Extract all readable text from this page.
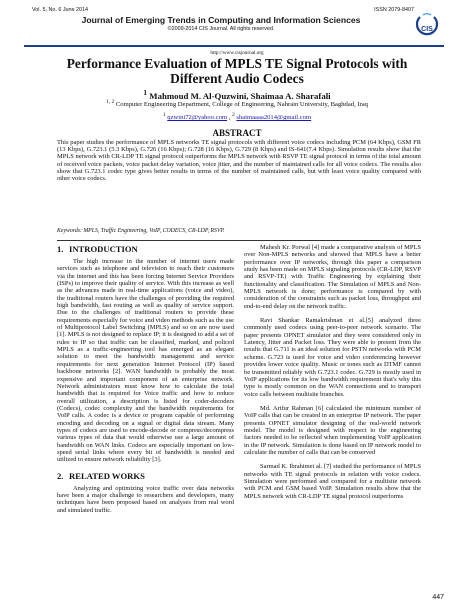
Vol. 5, No. 6 June 2014	ISSN 2079-8407
Journal of Emerging Trends in Computing and Information Sciences
©2009-2014 CIS Journal. All rights reserved.	CIS
http://www.cisjournal.org
Performance Evaluation of MPLS TE Signal Protocols with Different Audio Codecs
$^1$ Mahmoud M. Al-Quzwini, Shaimaa A. Sharafali
$^{1, 2}$ Computer Engineering Department, College of Engineering, Nahrain University, Baghdad, Iraq
$^1$ qzwini72@yahoo.com , $^2$ shaimaaaa2014@gmail.com
ABSTRACT

This paper studies the performance of MPLS networks TE signal protocols with different voice codecs including PCM (64 Kbps), GSM FR (13 Kbps), G.723.1 (5.3 Kbps), G.726 (16 Kbps); G.728 (16 Kbps), G.729 (8 Kbps) and IS-641(7.4 Kbps). Simulation results show that the MPLS network with CR-LDP TE signal protocol outperforms the MPLS network with RSVP TE signal protocol in terms of the total amount of received voice packets, voice packet delay variation, voice jitter, and the number of maintained calls for all voice codecs. The results also show that G.723.1 codec type gives better results in terms of the number of maintained calls, but with least voice quality compared with other voice codecs.

Keywords: MPLS, Traffic Engineering, VoIP, CODECS, CR-LDP, RSVP.

1. INTRODUCTION

The high increase in the number of internet users made services such as telephone and television to reach their customers via the internet and this has been forcing Internet Service Providers (ISPs) to improve their quality of service. With this increase as well as the advances made in real-time applications (voice and video), the traditional routers have the challenges of providing the required high bandwidth, fast routing as well as quality of service support. Due to the challenges of traditional routers to provide these requirements especially for voice and video methods such as the use of Multiprotocol Label Switching (MPLS) and so on are now used [1]. MPLS is not designed to replace IP; it is designed to add a set of rules to IP so that traffic can be classified, marked, and policed MPLS as a traffic-engineering tool has emerged as an elegant solution to meet the bandwidth management and service requirements for next generation Internet Protocol (IP) based backbone networks [2]. WAN bandwidth is probably the most expensive and important component of an enterprise network. Network administrators must know how to calculate the total bandwidth that is required for Voice traffic and how to reduce overall utilization, a description is listed for coder-decoders (Codecs), codec complexity and the bandwidth requirements for VoIP calls. A codec is a device or program capable of performing encoding and decoding on a signal or digital data stream. Many types of codecs are used to encode-decode or compress/decompress various types of data that would otherwise use a large amount of bandwidth on WAN links. Codecs are especially important on low-speed serial links where every bit of bandwidth is needed and utilized to ensure network reliability [3].

2. RELATED WORKS

Analyzing and optimizing voice traffic over data networks have been a major challenge to researchers and developers, many techniques have been proposed based on analyses from real word and simulated traffic.

Mahesh Kr. Porwal [4] made a comparative analysis of MPLS over Non-MPLS networks and showed that MPLS have a better performance over IP networks, through this paper a comparison study has been made on MPLS signaling protocols (CR-LDP, RSVP and RSVP-TE) with Traffic Engineering by explaining their functionality and classification. The Simulation of MPLS and Non-MPLS network is done; performance is compared by with consideration of the constraints such as packet loss, throughput and end-to-end delay on the network traffic.

Ravi Shankar Ramakrishnan et al.[5] analyzed three commonly used codecs using peer-to-peer network scenario. The paper presents OPNET simulator and they were considered only in Latency, Jitter and Packet loss. They were able to present from the results that G.711 is an ideal solution for PSTN networks with PCM scheme. G.723 is used for voice and video conferencing however provides lower voice quality. Music or tones such as DTMF cannot be transmitted reliably with G.723.1 codec. G.729 is mostly used in VoIP applications for its low bandwidth requirement that's why this type is mostly common on the WAN connections and to transport voice calls between multisite branches.

Md. Arifur Rahman [6] calculated the minimum number of VoIP calls that can be created in an enterprise IP network. The paper presents OPNET simulator designing of the real-world network model. The model is designed with respect to the engineering factors needed to be reflected when implementing VoIP application in the IP network. Simulation is done based on IP network model to calculate the number of calls that can be conserved

Sarmad K. Ibrahimet al. [7] studied the performance of MPLS networks with TE signal protocols in relation with voice codecs. Simulation were performed and compared for a multisite network with PCM and GSM based VoIP. Simulation results show that the MPLS network with CR-LDP TE signal protocol outperforms

447
